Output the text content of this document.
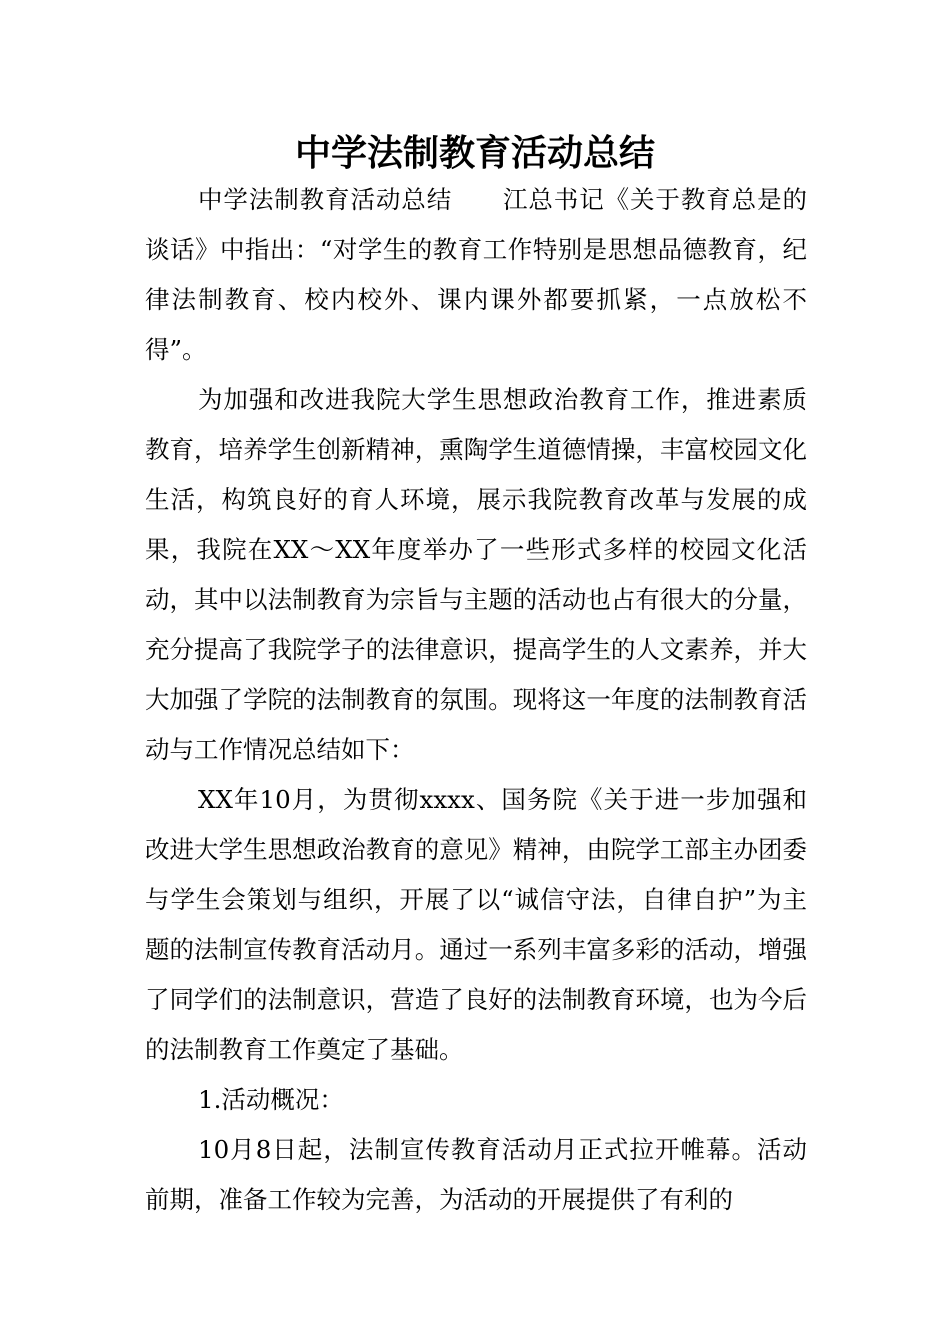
中学法制教育活动总结

中学法制教育活动总结　　江总书记《关于教育总是的谈话》中指出：“对学生的教育工作特别是思想品德教育，纪律法制教育、校内校外、课内课外都要抓紧，一点放松不得”。

为加强和改进我院大学生思想政治教育工作，推进素质教育，培养学生创新精神，熏陶学生道德情操，丰富校园文化生活，构筑良好的育人环境，展示我院教育改革与发展的成果，我院在XX～XX年度举办了一些形式多样的校园文化活动，其中以法制教育为宗旨与主题的活动也占有很大的分量，充分提高了我院学子的法律意识，提高学生的人文素养，并大大加强了学院的法制教育的氛围。现将这一年度的法制教育活动与工作情况总结如下：

XX年10月，为贯彻xxxx、国务院《关于进一步加强和改进大学生思想政治教育的意见》精神，由院学工部主办团委与学生会策划与组织，开展了以“诚信守法，自律自护”为主题的法制宣传教育活动月。通过一系列丰富多彩的活动，增强了同学们的法制意识，营造了良好的法制教育环境，也为今后的法制教育工作奠定了基础。

1.活动概况：

10月8日起，法制宣传教育活动月正式拉开帷幕。活动前期，准备工作较为完善，为活动的开展提供了有利的
